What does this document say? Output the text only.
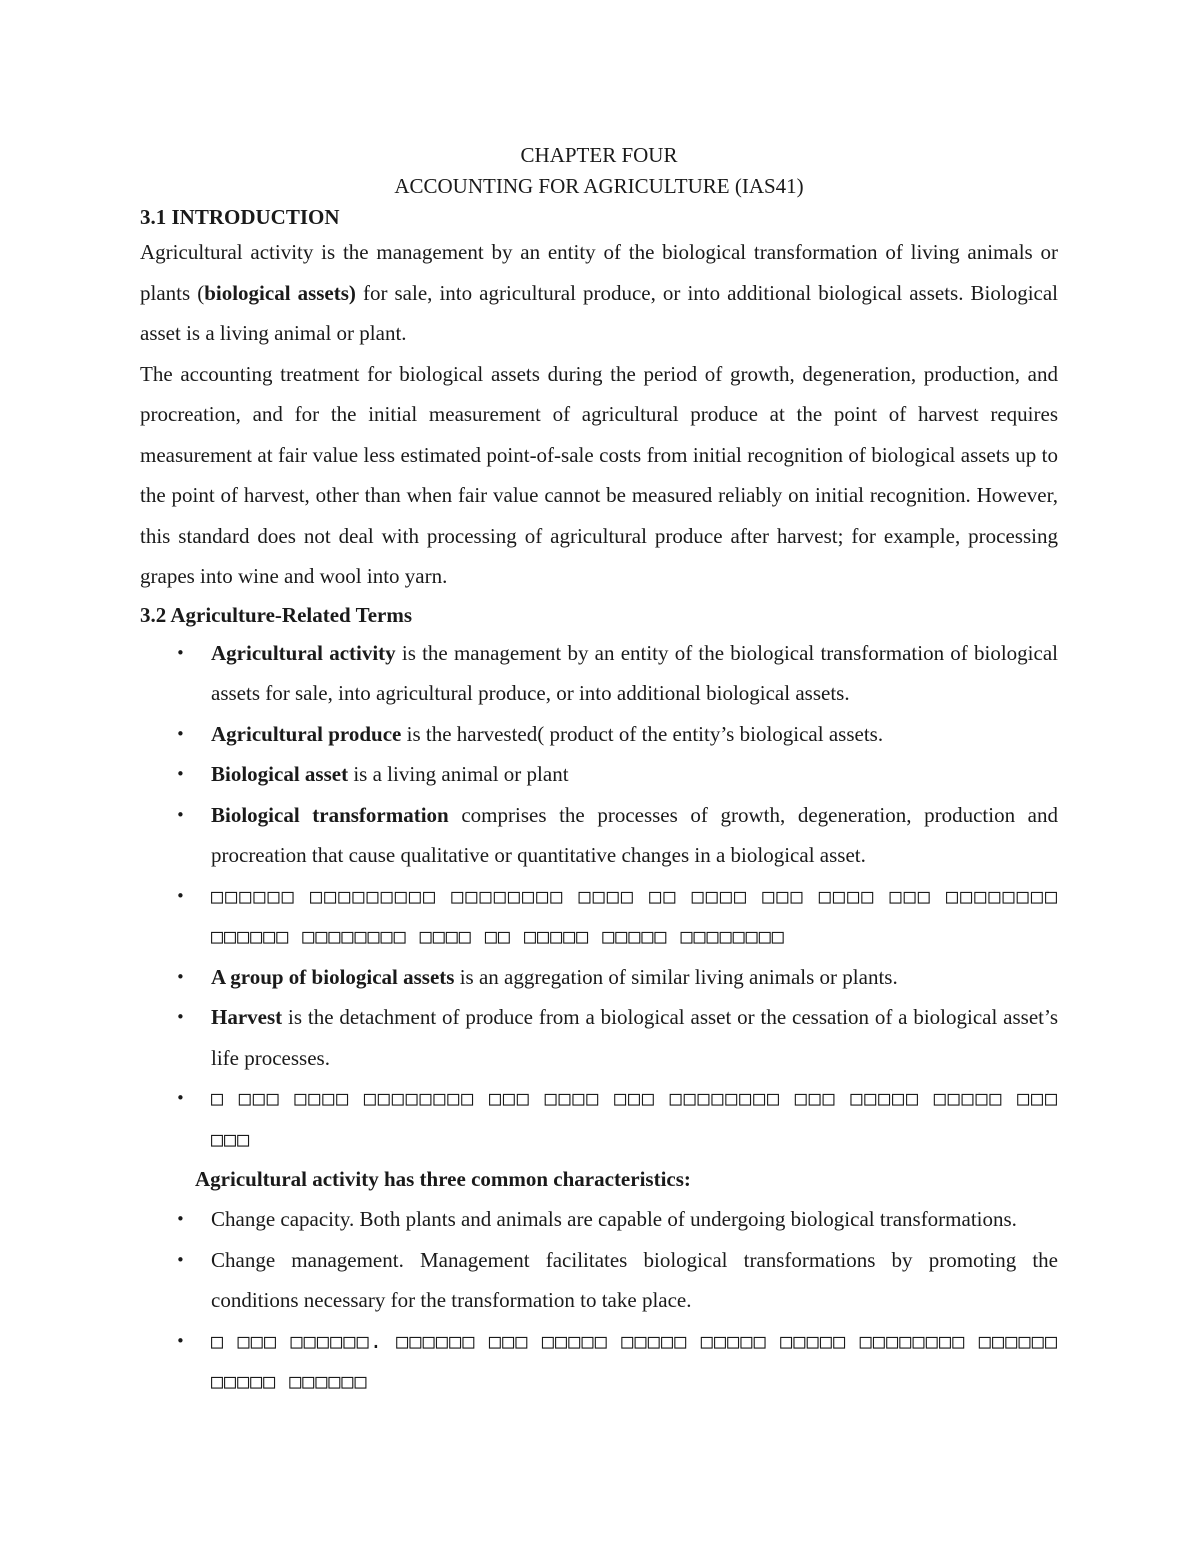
CHAPTER FOUR
ACCOUNTING FOR AGRICULTURE (IAS41)
3.1 INTRODUCTION

Agricultural activity is the management by an entity of the biological transformation of living animals or plants (biological assets) for sale, into agricultural produce, or into additional biological assets. Biological asset is a living animal or plant.

The accounting treatment for biological assets during the period of growth, degeneration, production, and procreation, and for the initial measurement of agricultural produce at the point of harvest requires measurement at fair value less estimated point-of-sale costs from initial recognition of biological assets up to the point of harvest, other than when fair value cannot be measured reliably on initial recognition. However, this standard does not deal with processing of agricultural produce after harvest; for example, processing grapes into wine and wool into yarn.

3.2 Agriculture-Related Terms
• Agricultural activity is the management by an entity of the biological transformation of biological assets for sale, into agricultural produce, or into additional biological assets.
• Agricultural produce is the harvested( product of the entity’s biological assets.
• Biological asset is a living animal or plant
• Biological transformation comprises the processes of growth, degeneration, production and procreation that cause qualitative or quantitative changes in a biological asset.
• □□□□□□ □□□□□□□□□ □□□□□□□□ □□□□ □□ □□□□ □□□ □□□□ □□□ □□□□□□□□ □□□□□□ □□□□□□□□ □□□□ □□ □□□□□ □□□□□ □□□□□□□□
• A group of biological assets is an aggregation of similar living animals or plants.
• Harvest is the detachment of produce from a biological asset or the cessation of a biological asset’s life processes.
• □ □□□ □□□□ □□□□□□□□ □□□ □□□□ □□□ □□□□□□□□ □□□ □□□□□ □□□□□ □□□ □□□
Agricultural activity has three common characteristics:
• Change capacity. Both plants and animals are capable of undergoing biological transformations.
• Change management. Management facilitates biological transformations by promoting the conditions necessary for the transformation to take place.
• □ □□□ □□□□□□. □□□□□□ □□□ □□□□□ □□□□□ □□□□□ □□□□□ □□□□□□□□ □□□□□□ □□□□□ □□□□□□
